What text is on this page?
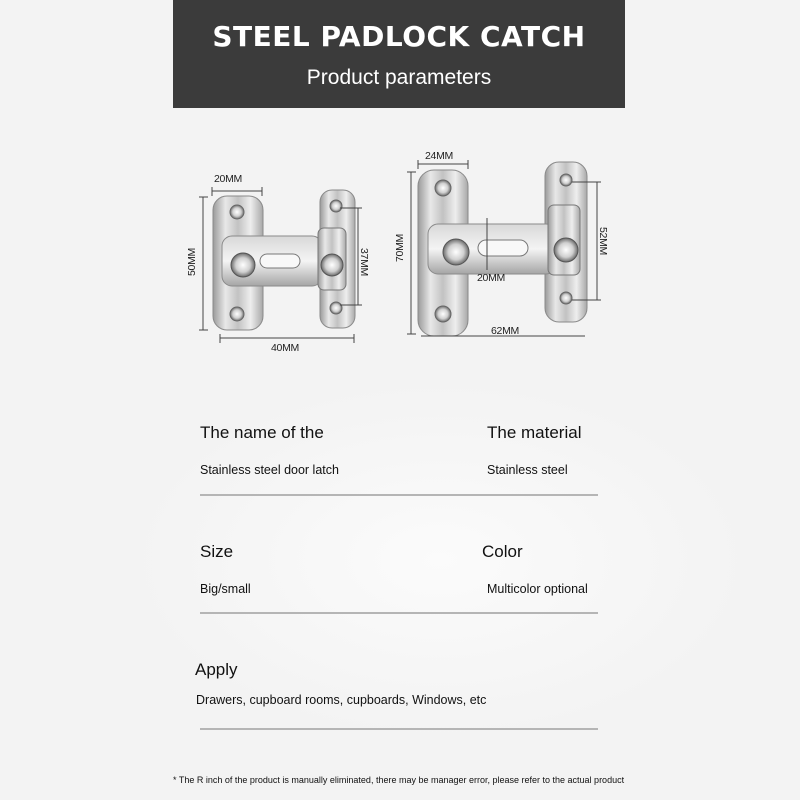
STEEL PADLOCK CATCH
Product parameters
20MM
50MM	37MM
40MM
24MM
70MM
20MM
52MM
62MM
The name of the
Stainless steel door latch
The material
Stainless steel
Size
Big/small
Color
Multicolor optional
Apply
Drawers, cupboard rooms, cupboards, Windows, etc
* The R inch of the product is manually eliminated, there may be manager error, please refer to the actual product
